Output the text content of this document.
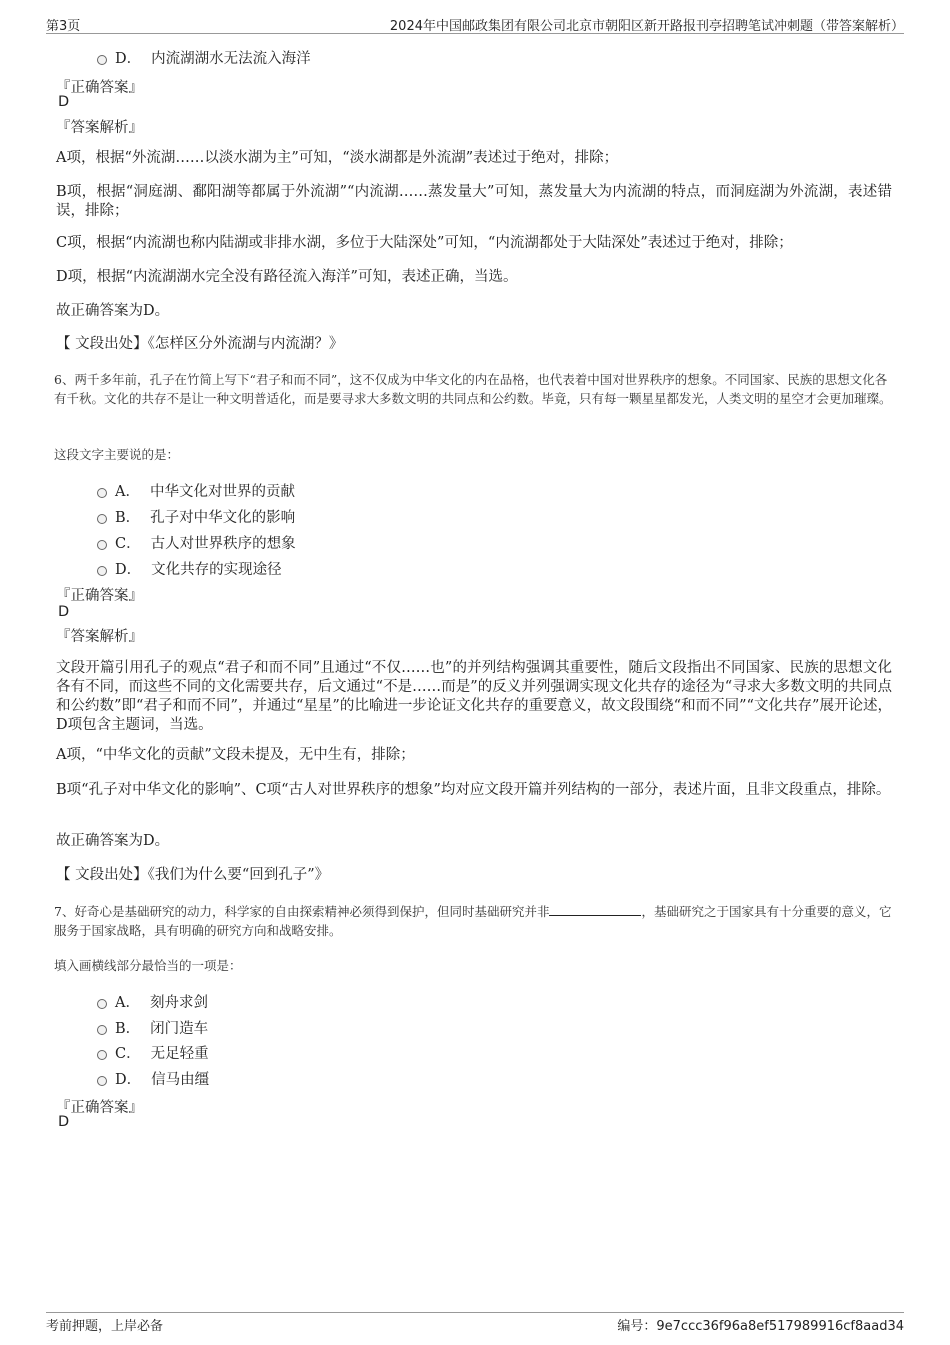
第3页	2024年中国邮政集团有限公司北京市朝阳区新开路报刊亭招聘笔试冲刺题（带答案解析）
D． 内流湖湖水无法流入海洋
『正确答案』
D
『答案解析』
A项，根据“外流湖……以淡水湖为主”可知，“淡水湖都是外流湖”表述过于绝对，排除；
B项，根据“洞庭湖、鄱阳湖等都属于外流湖”“内流湖……蒸发量大”可知，蒸发量大为内流湖的特点，而洞庭湖为外流湖，表述错误，排除；
C项，根据“内流湖也称内陆湖或非排水湖，多位于大陆深处”可知，“内流湖都处于大陆深处”表述过于绝对，排除；
D项，根据“内流湖湖水完全没有路径流入海洋”可知，表述正确，当选。
故正确答案为D。
【 文段出处】《怎样区分外流湖与内流湖？》
6、两千多年前，孔子在竹简上写下“君子和而不同”，这不仅成为中华文化的内在品格，也代表着中国对世界秩序的想象。不同国家、民族的思想文化各有千秋。文化的共存不是让一种文明普适化，而是要寻求大多数文明的共同点和公约数。毕竟，只有每一颗星星都发光，人类文明的星空才会更加璀璨。
这段文字主要说的是：
A． 中华文化对世界的贡献
B． 孔子对中华文化的影响
C． 古人对世界秩序的想象
D． 文化共存的实现途径
『正确答案』
D
『答案解析』
文段开篇引用孔子的观点“君子和而不同”且通过“不仅……也”的并列结构强调其重要性，随后文段指出不同国家、民族的思想文化各有不同，而这些不同的文化需要共存，后文通过“不是……而是”的反义并列强调实现文化共存的途径为“寻求大多数文明的共同点和公约数”即“君子和而不同”，并通过“星星”的比喻进一步论证文化共存的重要意义，故文段围绕“和而不同”“文化共存”展开论述，D项包含主题词，当选。
A项，“中华文化的贡献”文段未提及，无中生有，排除；
B项“孔子对中华文化的影响”、C项“古人对世界秩序的想象”均对应文段开篇并列结构的一部分，表述片面，且非文段重点，排除。
故正确答案为D。
【 文段出处】《我们为什么要“回到孔子”》
7、好奇心是基础研究的动力，科学家的自由探索精神必须得到保护，但同时基础研究并非	，基础研究之于国家具有十分重要的意义，它服务于国家战略，具有明确的研究方向和战略安排。
填入画横线部分最恰当的一项是：
A． 刻舟求剑
B． 闭门造车
C． 无足轻重
D． 信马由缰
『正确答案』
D
考前押题，上岸必备	编号：9e7ccc36f96a8ef517989916cf8aad34
